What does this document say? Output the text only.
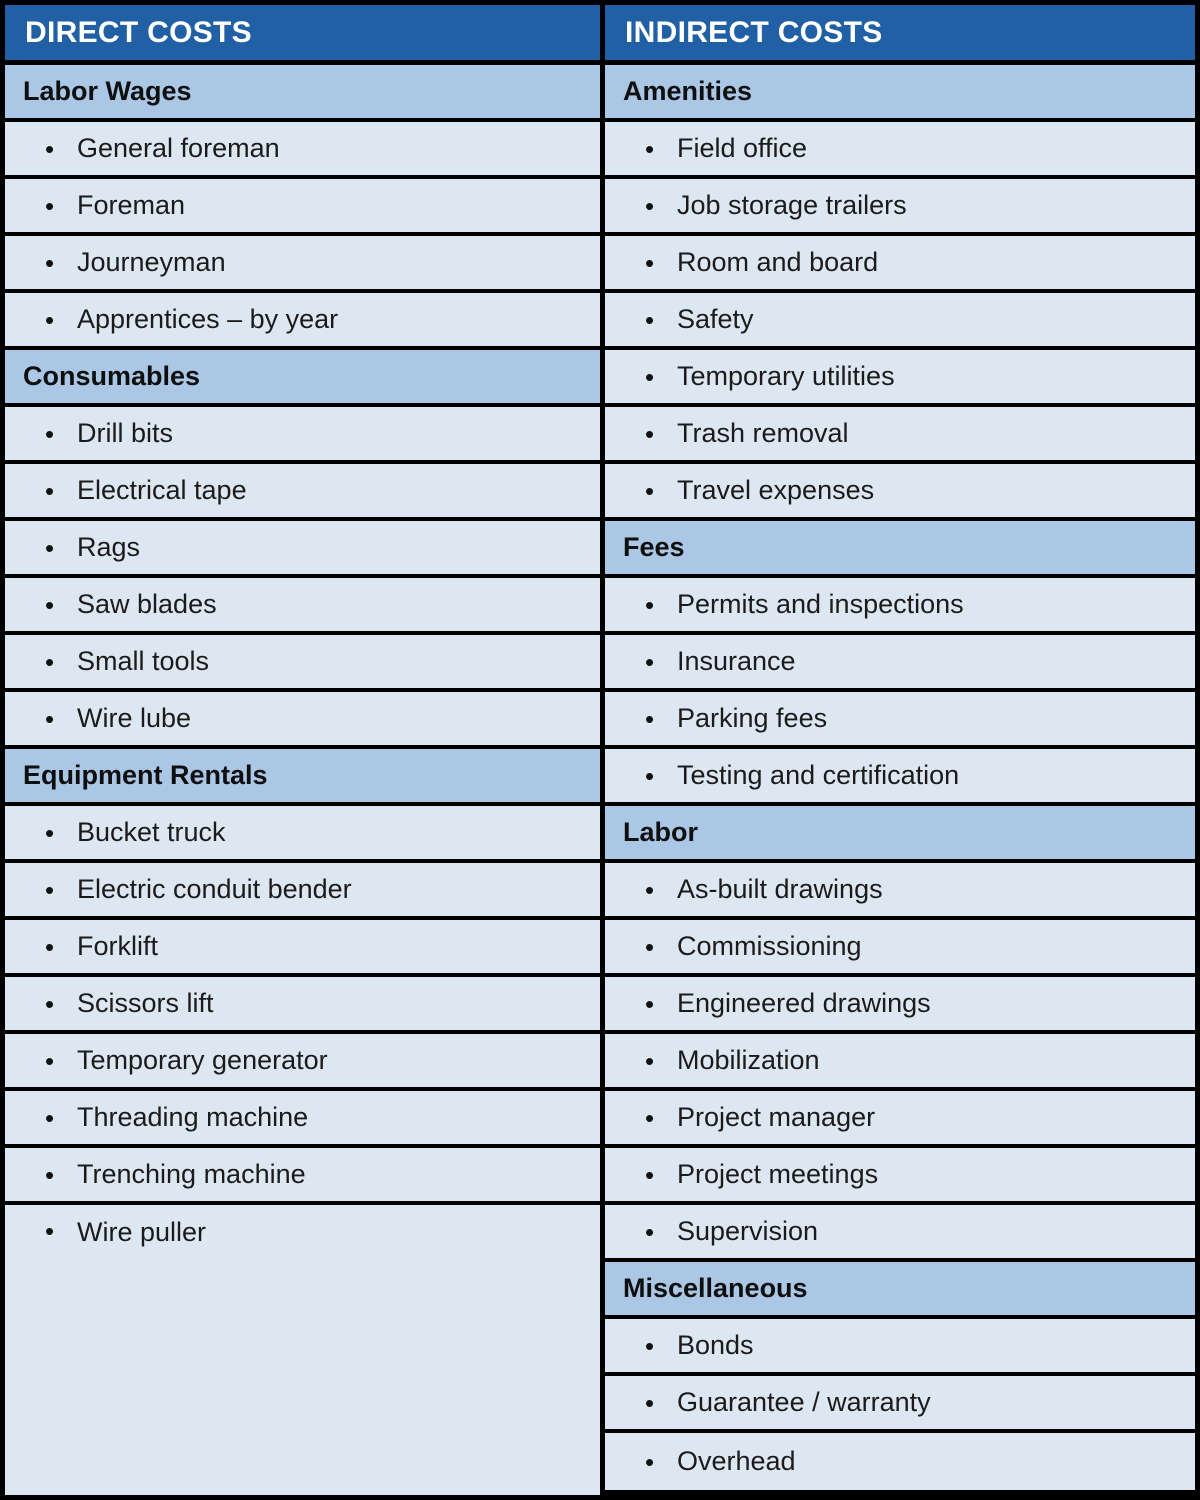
DIRECT COSTS
Labor Wages
• General foreman
• Foreman
• Journeyman
• Apprentices – by year
Consumables
• Drill bits
• Electrical tape
• Rags
• Saw blades
• Small tools
• Wire lube
Equipment Rentals
• Bucket truck
• Electric conduit bender
• Forklift
• Scissors lift
• Temporary generator
• Threading machine
• Trenching machine
• Wire puller
INDIRECT COSTS
Amenities
• Field office
• Job storage trailers
• Room and board
• Safety
• Temporary utilities
• Trash removal
• Travel expenses
Fees
• Permits and inspections
• Insurance
• Parking fees
• Testing and certification
Labor
• As-built drawings
• Commissioning
• Engineered drawings
• Mobilization
• Project manager
• Project meetings
• Supervision
Miscellaneous
• Bonds
• Guarantee / warranty
• Overhead
